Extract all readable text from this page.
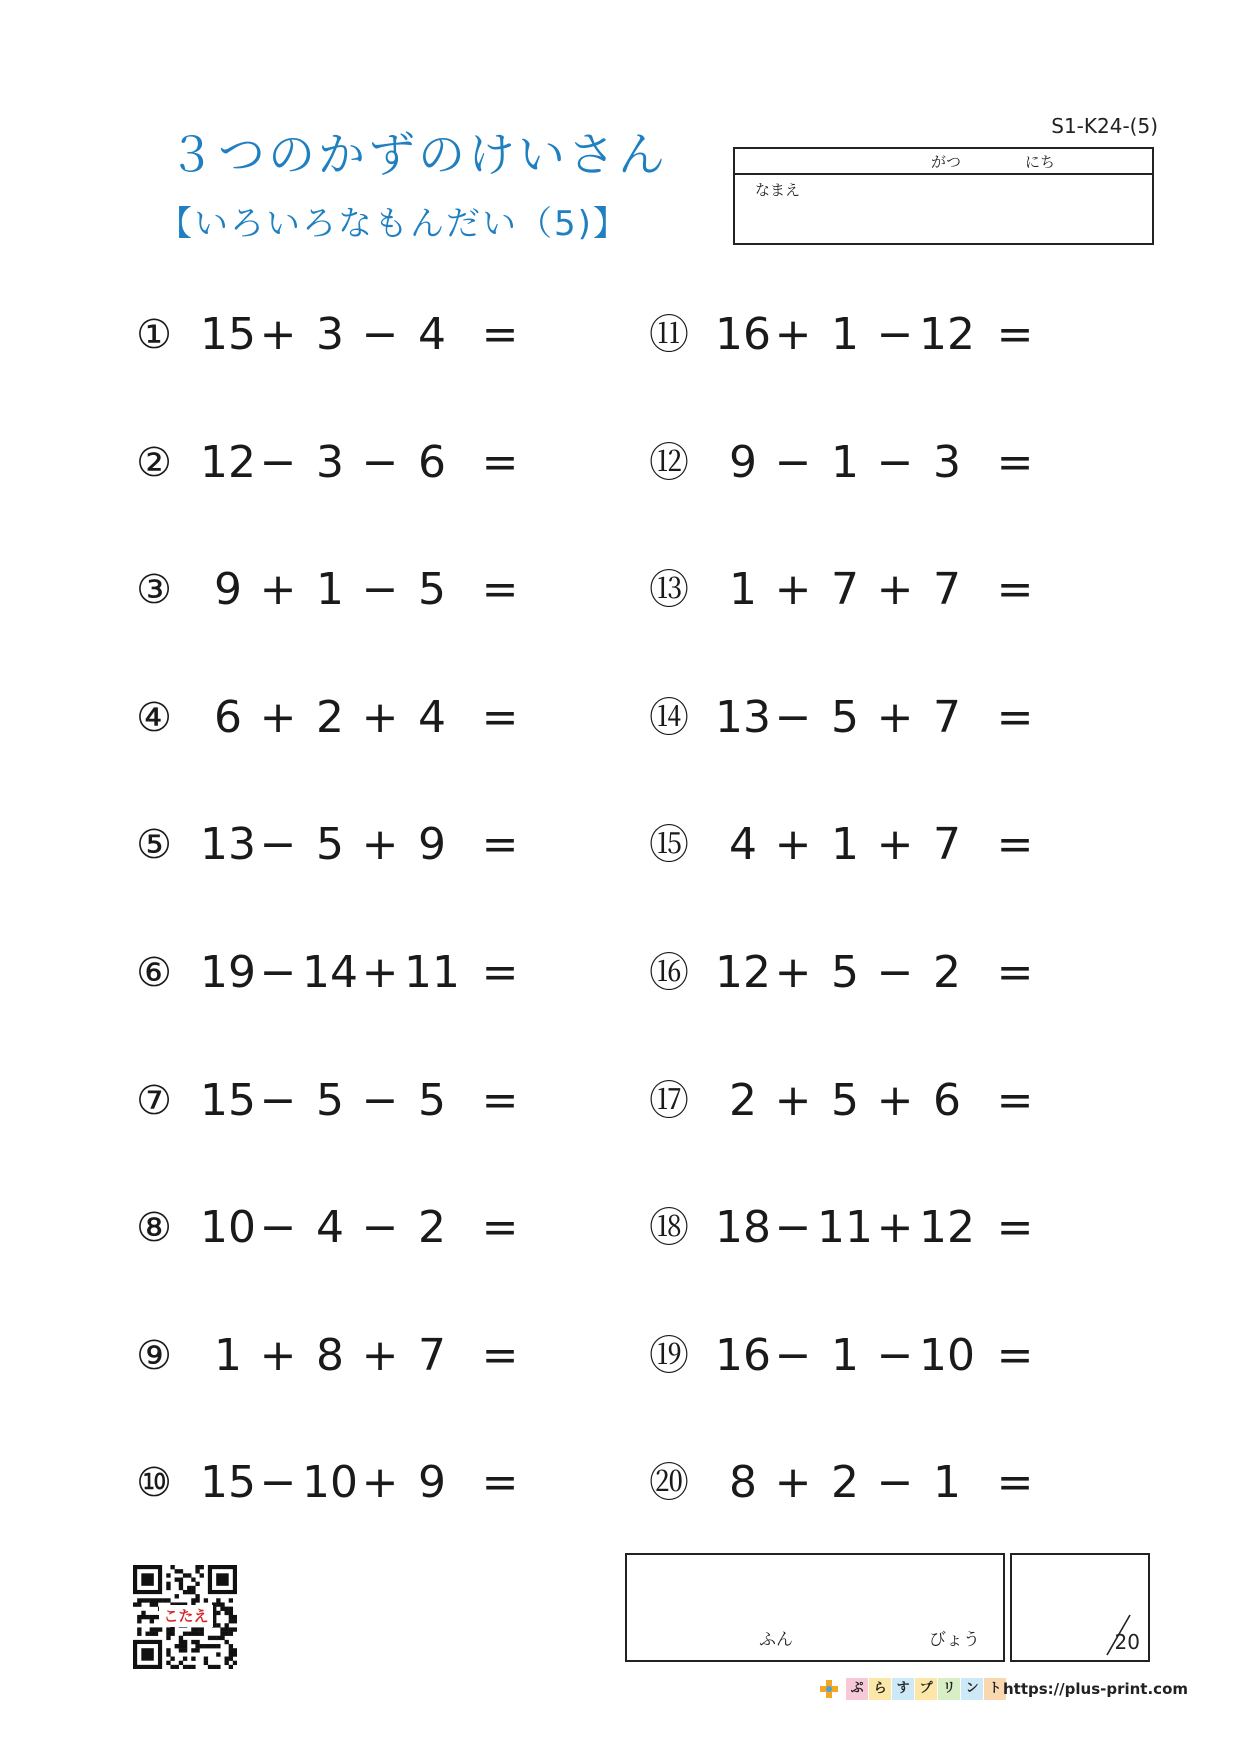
３つのかずのけいさん
【いろいろなもんだい（5)】
S1-K24-(5)
がつ	にち
なまえ
① 15 + 3 − 4 =
② 12 − 3 − 6 =
③ 9 + 1 − 5 =
④ 6 + 2 + 4 =
⑤ 13 − 5 + 9 =
⑥ 19 − 14 + 11 =
⑦ 15 − 5 − 5 =
⑧ 10 − 4 − 2 =
⑨ 1 + 8 + 7 =
⑩ 15 − 10 + 9 =
⑪ 16 + 1 − 12 =
⑫ 9 − 1 − 3 =
⑬ 1 + 7 + 7 =
⑭ 13 − 5 + 7 =
⑮ 4 + 1 + 7 =
⑯ 12 + 5 − 2 =
⑰ 2 + 5 + 6 =
⑱ 18 − 11 + 12 =
⑲ 16 − 1 − 10 =
⑳ 8 + 2 − 1 =
こたえ
ふん	びょう	20
ぷ ら す プ リ ン ト https://plus-print.com
